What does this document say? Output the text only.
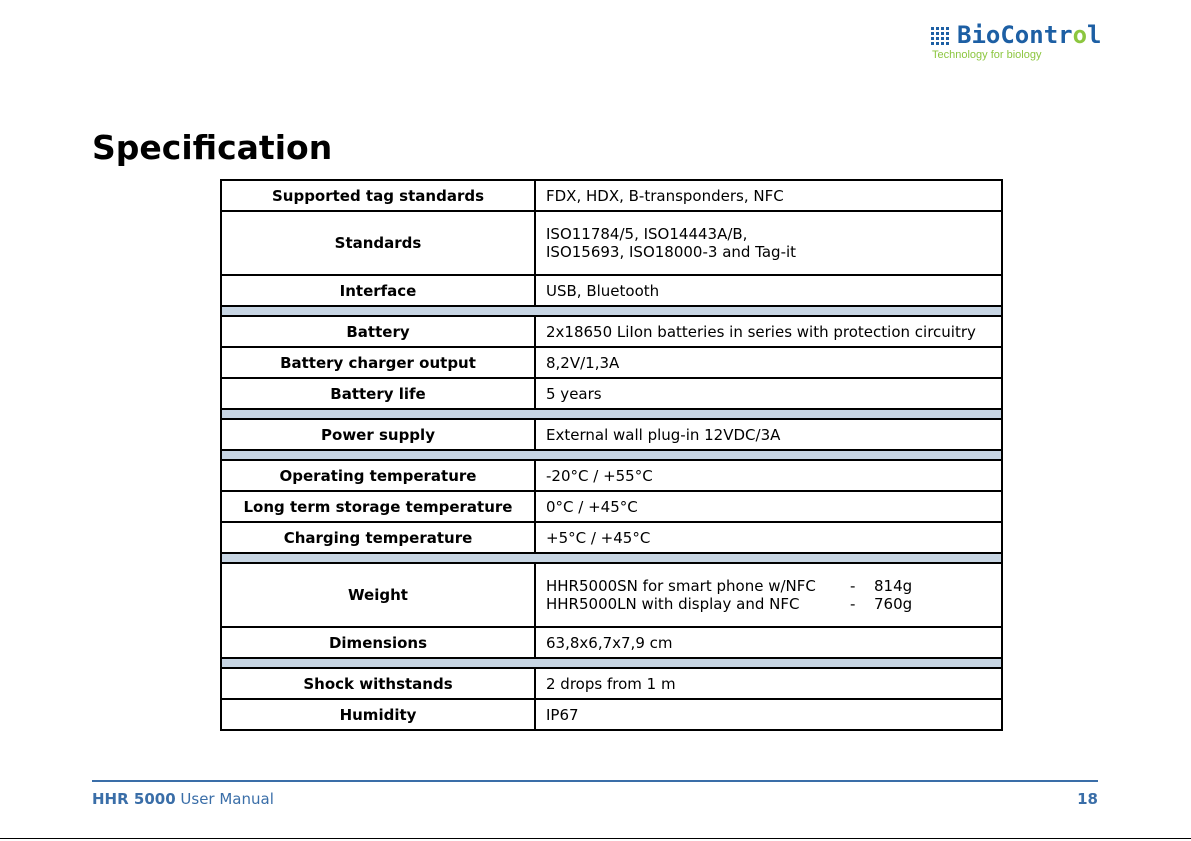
BioControl
Technology for biology
Specification
Supported tag standards	FDX, HDX, B-transponders, NFC
Standards	ISO11784/5, ISO14443A/B,
ISO15693, ISO18000-3 and Tag-it

Interface	USB, Bluetooth

Battery	2x18650 LiIon batteries in series with protection circuitry
Battery charger output	8,2V/1,3A
Battery life	5 years

Power supply	External wall plug-in 12VDC/3A

Operating temperature	-20°C / +55°C
Long term storage temperature	0°C / +45°C
Charging temperature	+5°C / +45°C

Weight	HHR5000SN for smart phone w/NFC - 814g
HHR5000LN with display and NFC - 760g

Dimensions	63,8x6,7x7,9 cm

Shock withstands	2 drops from 1 m
Humidity	IP67
HHR 5000 User Manual	18
